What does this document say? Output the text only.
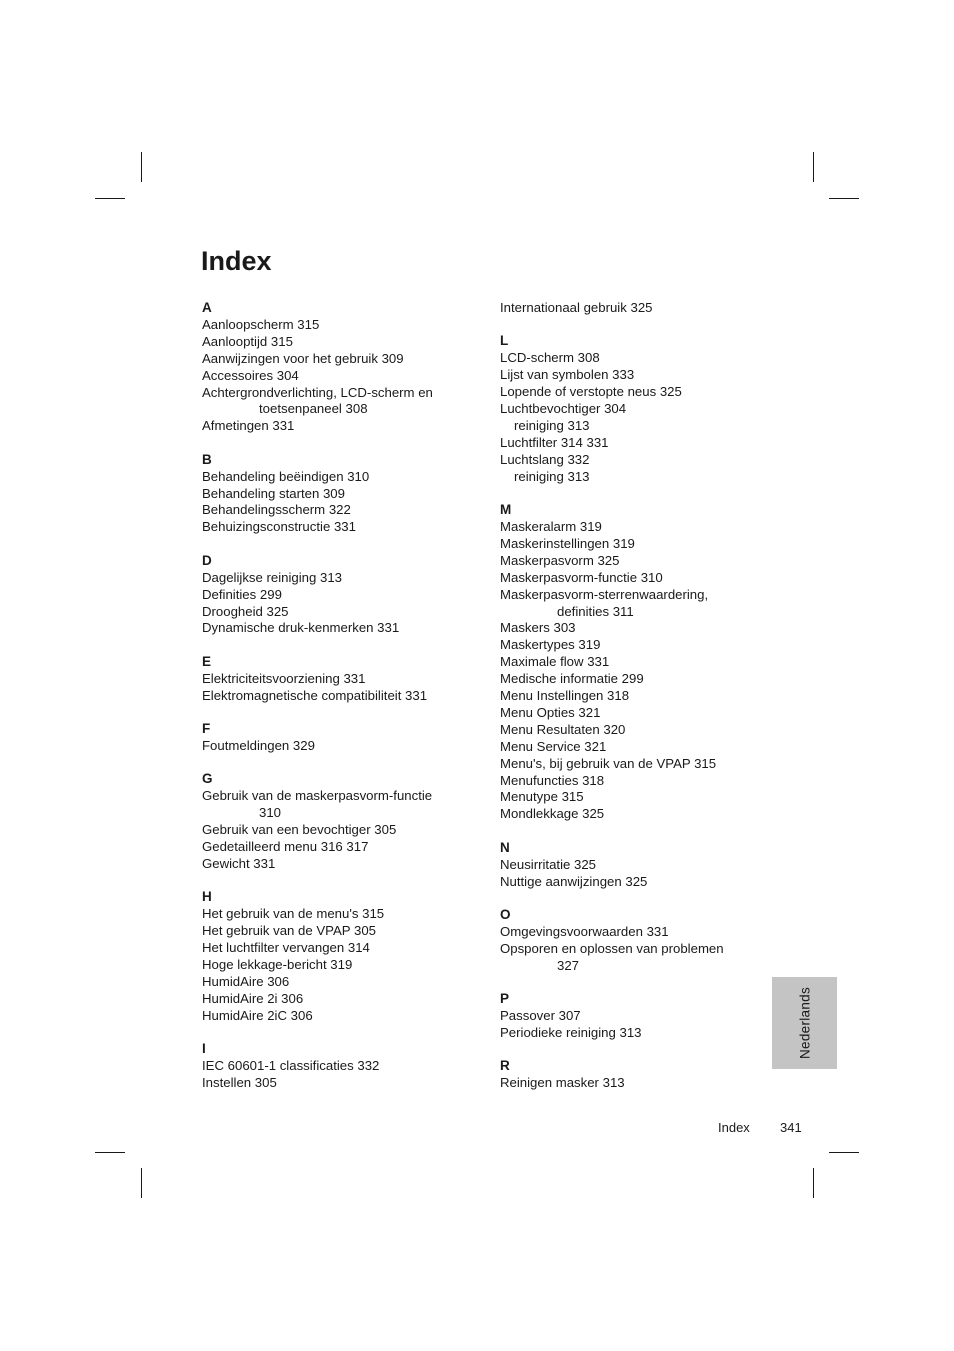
Index
A
Aanloopscherm 315
Aanlooptijd 315
Aanwijzingen voor het gebruik 309
Accessoires 304
Achtergrondverlichting, LCD-scherm en
toetsenpaneel 308
Afmetingen 331
B
Behandeling beëindigen 310
Behandeling starten 309
Behandelingsscherm 322
Behuizingsconstructie 331
D
Dagelijkse reiniging 313
Definities 299
Droogheid 325
Dynamische druk-kenmerken 331
E
Elektriciteitsvoorziening 331
Elektromagnetische compatibiliteit 331
F
Foutmeldingen 329
G
Gebruik van de maskerpasvorm-functie
310
Gebruik van een bevochtiger 305
Gedetailleerd menu 316 317
Gewicht 331
H
Het gebruik van de menu's 315
Het gebruik van de VPAP 305
Het luchtfilter vervangen 314
Hoge lekkage-bericht 319
HumidAire 306
HumidAire 2i 306
HumidAire 2iC 306
I
IEC 60601-1 classificaties 332
Instellen 305
Internationaal gebruik 325
L
LCD-scherm 308
Lijst van symbolen 333
Lopende of verstopte neus 325
Luchtbevochtiger 304
reiniging 313
Luchtfilter 314 331
Luchtslang 332
reiniging 313
M
Maskeralarm 319
Maskerinstellingen 319
Maskerpasvorm 325
Maskerpasvorm-functie 310
Maskerpasvorm-sterrenwaardering,
definities 311
Maskers 303
Maskertypes 319
Maximale flow 331
Medische informatie 299
Menu Instellingen 318
Menu Opties 321
Menu Resultaten 320
Menu Service 321
Menu's, bij gebruik van de VPAP 315
Menufuncties 318
Menutype 315
Mondlekkage 325
N
Neusirritatie 325
Nuttige aanwijzingen 325
O
Omgevingsvoorwaarden 331
Opsporen en oplossen van problemen
327
P
Passover 307
Periodieke reiniging 313
R
Reinigen masker 313
Nederlands
Index 341
